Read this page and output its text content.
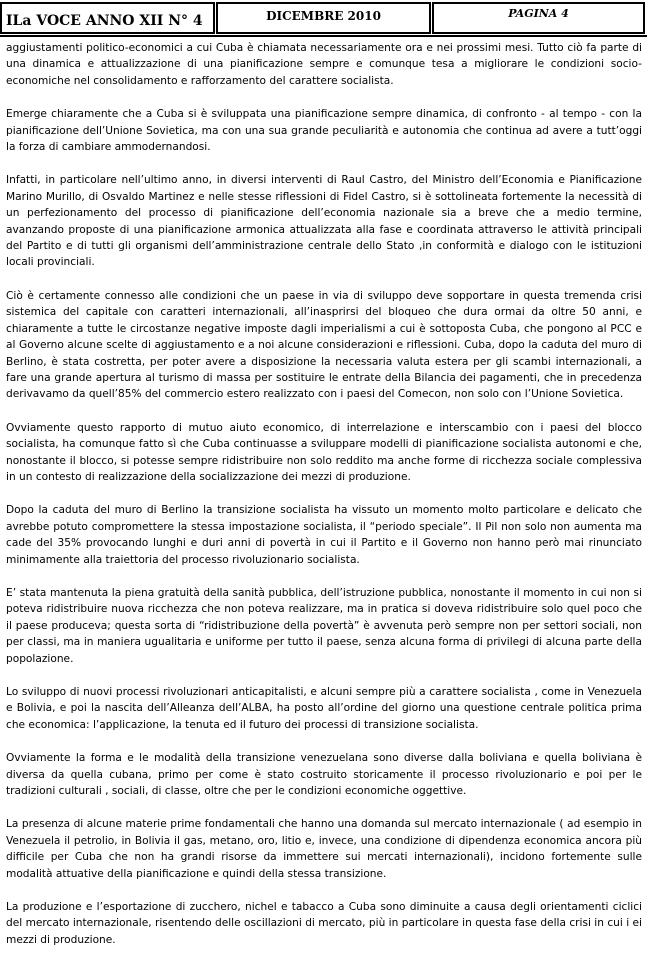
ILa VOCE ANNO XII N° 4	DICEMBRE 2010	PAGINA 4

aggiustamenti politico-economici a cui Cuba è chiamata necessariamente ora e nei prossimi mesi. Tutto ciò fa parte di una dinamica e attualizzazione di una pianificazione sempre e comunque tesa a migliorare le condizioni socio-economiche nel consolidamento e rafforzamento del carattere socialista.

Emerge chiaramente che a Cuba si è sviluppata una pianificazione sempre dinamica, di confronto - al tempo - con la pianificazione dell’Unione Sovietica, ma con una sua grande peculiarità e autonomia che continua ad avere a tutt’oggi la forza di cambiare ammodernandosi.

Infatti, in particolare nell’ultimo anno, in diversi interventi di Raul Castro, del Ministro dell’Economia e Pianificazione Marino Murillo, di Osvaldo Martinez e nelle stesse riflessioni di Fidel Castro, si è sottolineata fortemente la necessità di un perfezionamento del processo di pianificazione dell’economia nazionale sia a breve che a medio termine, avanzando proposte di una pianificazione armonica attualizzata alla fase e coordinata attraverso le attività principali del Partito e di tutti gli organismi dell’amministrazione centrale dello Stato ,in conformità e dialogo con le istituzioni locali provinciali.

Ciò è certamente connesso alle condizioni che un paese in via di sviluppo deve sopportare in questa tremenda crisi sistemica del capitale con caratteri internazionali, all’inasprirsi del bloqueo che dura ormai da oltre 50 anni, e chiaramente a tutte le circostanze negative imposte dagli imperialismi a cui è sottoposta Cuba, che pongono al PCC e al Governo alcune scelte di aggiustamento e a noi alcune considerazioni e riflessioni. Cuba, dopo la caduta del muro di Berlino, è stata costretta, per poter avere a disposizione la necessaria valuta estera per gli scambi internazionali, a fare una grande apertura al turismo di massa per sostituire le entrate della Bilancia dei pagamenti, che in precedenza derivavamo da quell’85% del commercio estero realizzato con i paesi del Comecon, non solo con l’Unione Sovietica.

Ovviamente questo rapporto di mutuo aiuto economico, di interrelazione e interscambio con i paesi del blocco socialista, ha comunque fatto sì che Cuba continuasse a sviluppare modelli di pianificazione socialista autonomi e che, nonostante il blocco, si potesse sempre ridistribuire non solo reddito ma anche forme di ricchezza sociale complessiva in un contesto di realizzazione della socializzazione dei mezzi di produzione.

Dopo la caduta del muro di Berlino la transizione socialista ha vissuto un momento molto particolare e delicato che avrebbe potuto compromettere la stessa impostazione socialista, il “periodo speciale”. Il Pil non solo non aumenta ma cade del 35% provocando lunghi e duri anni di povertà in cui il Partito e il Governo non hanno però mai rinunciato minimamente alla traiettoria del processo rivoluzionario socialista.

E’ stata mantenuta la piena gratuità della sanità pubblica, dell’istruzione pubblica, nonostante il momento in cui non si poteva ridistribuire nuova ricchezza che non poteva realizzare, ma in pratica si doveva ridistribuire solo quel poco che il paese produceva; questa sorta di “ridistribuzione della povertà” è avvenuta però sempre non per settori sociali, non per classi, ma in maniera ugualitaria e uniforme per tutto il paese, senza alcuna forma di privilegi di alcuna parte della popolazione.

Lo sviluppo di nuovi processi rivoluzionari anticapitalisti, e alcuni sempre più a carattere socialista , come in Venezuela e Bolivia, e poi la nascita dell’Alleanza dell’ALBA, ha posto all’ordine del giorno una questione centrale politica prima che economica: l’applicazione, la tenuta ed il futuro dei processi di transizione socialista.

Ovviamente la forma e le modalità della transizione venezuelana sono diverse dalla boliviana e quella boliviana è diversa da quella cubana, primo per come è stato costruito storicamente il processo rivoluzionario e poi per le tradizioni culturali , sociali, di classe, oltre che per le condizioni economiche oggettive.

La presenza di alcune materie prime fondamentali che hanno una domanda sul mercato internazionale ( ad esempio in Venezuela il petrolio, in Bolivia il gas, metano, oro, litio e, invece, una condizione di dipendenza economica ancora più difficile per Cuba che non ha grandi risorse da immettere sui mercati internazionali), incidono fortemente sulle modalità attuative della pianificazione e quindi della stessa transizione.

La produzione e l’esportazione di zucchero, nichel e tabacco a Cuba sono diminuite a causa degli orientamenti ciclici del mercato internazionale, risentendo delle oscillazioni di mercato, più in particolare in questa fase della crisi in cui i ei mezzi di produzione.
